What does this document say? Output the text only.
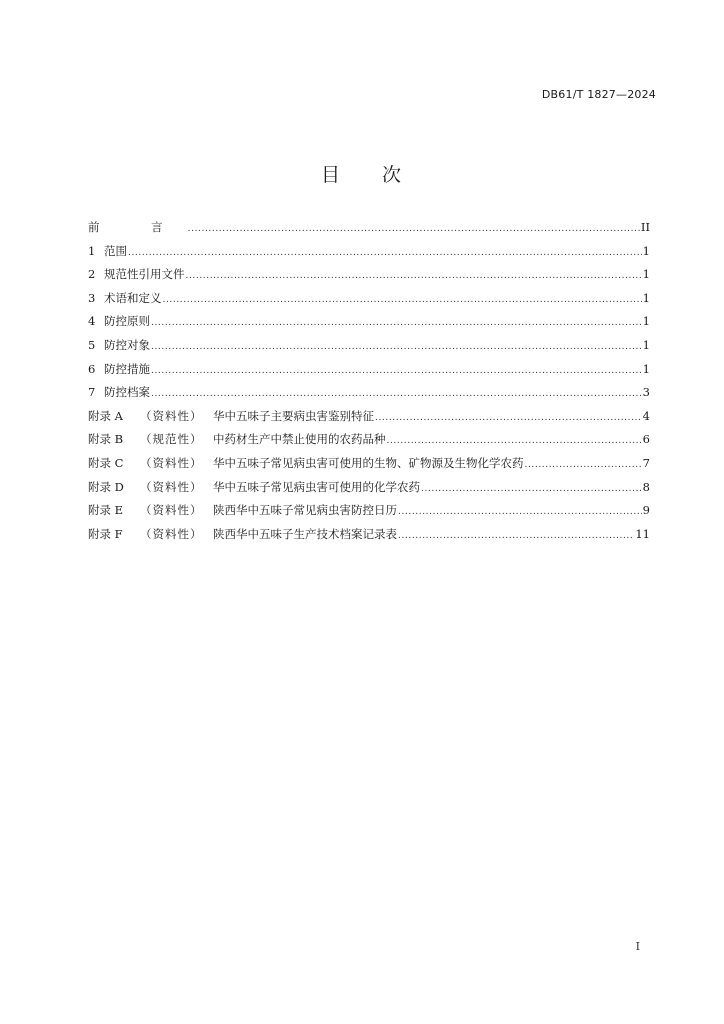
DB61/T 1827—2024
目 次
前 言 .....	II
1 范围 .....	1
2 规范性引用文件 .....	1
3 术语和定义 .....	1
4 防控原则 .....	1
5 防控对象 .....	1
6 防控措施 .....	1
7 防控档案 .....	3
附录 A	（资料性） 华中五味子主要病虫害鉴别特征 .....	4
附录 B	（规范性） 中药材生产中禁止使用的农药品种 .....	6
附录 C	（资料性） 华中五味子常见病虫害可使用的生物、矿物源及生物化学农药 .....	7
附录 D	（资料性） 华中五味子常见病虫害可使用的化学农药 .....	8
附录 E	（资料性） 陕西华中五味子常见病虫害防控日历 .....	9
附录 F	（资料性） 陕西华中五味子生产技术档案记录表 .....	11
I
